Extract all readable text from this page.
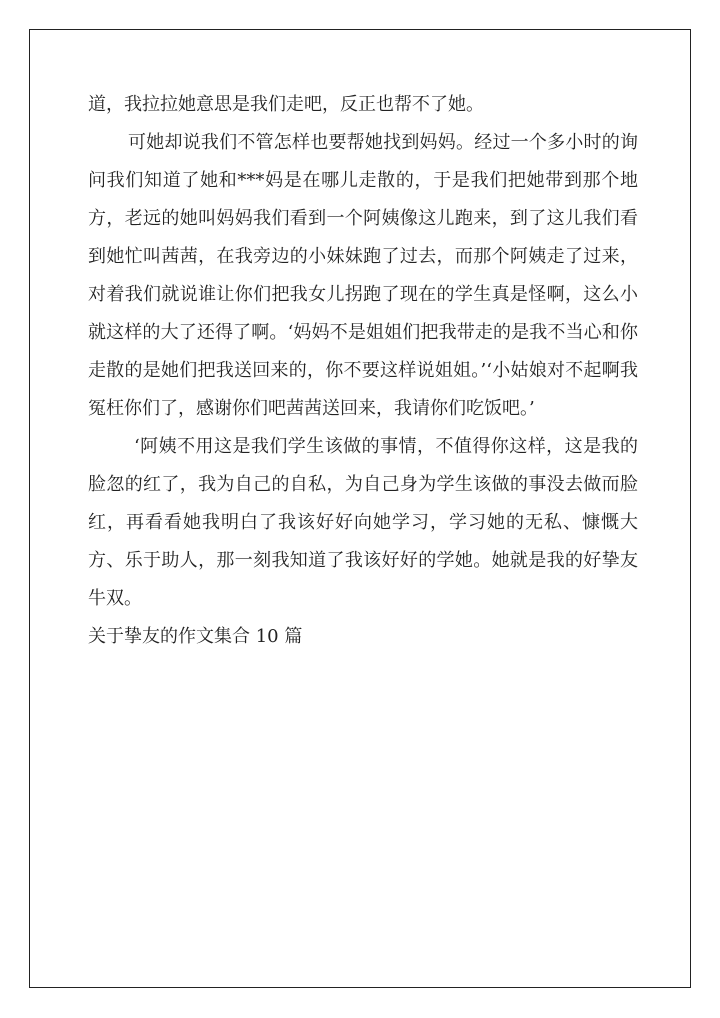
道，我拉拉她意思是我们走吧，反正也帮不了她。

可她却说我们不管怎样也要帮她找到妈妈。经过一个多小时的询问我们知道了她和***妈是在哪儿走散的，于是我们把她带到那个地方，老远的她叫妈妈我们看到一个阿姨像这儿跑来，到了这儿我们看到她忙叫茜茜，在我旁边的小妹妹跑了过去，而那个阿姨走了过来，对着我们就说谁让你们把我女儿拐跑了现在的学生真是怪啊，这么小就这样的大了还得了啊。‘妈妈不是姐姐们把我带走的是我不当心和你走散的是她们把我送回来的，你不要这样说姐姐。’‘小姑娘对不起啊我冤枉你们了，感谢你们吧茜茜送回来，我请你们吃饭吧。’

‘阿姨不用这是我们学生该做的事情，不值得你这样，这是我的脸忽的红了，我为自己的自私，为自己身为学生该做的事没去做而脸红，再看看她我明白了我该好好向她学习，学习她的无私、慷慨大方、乐于助人，那一刻我知道了我该好好的学她。她就是我的好挚友牛双。

关于挚友的作文集合 10 篇
